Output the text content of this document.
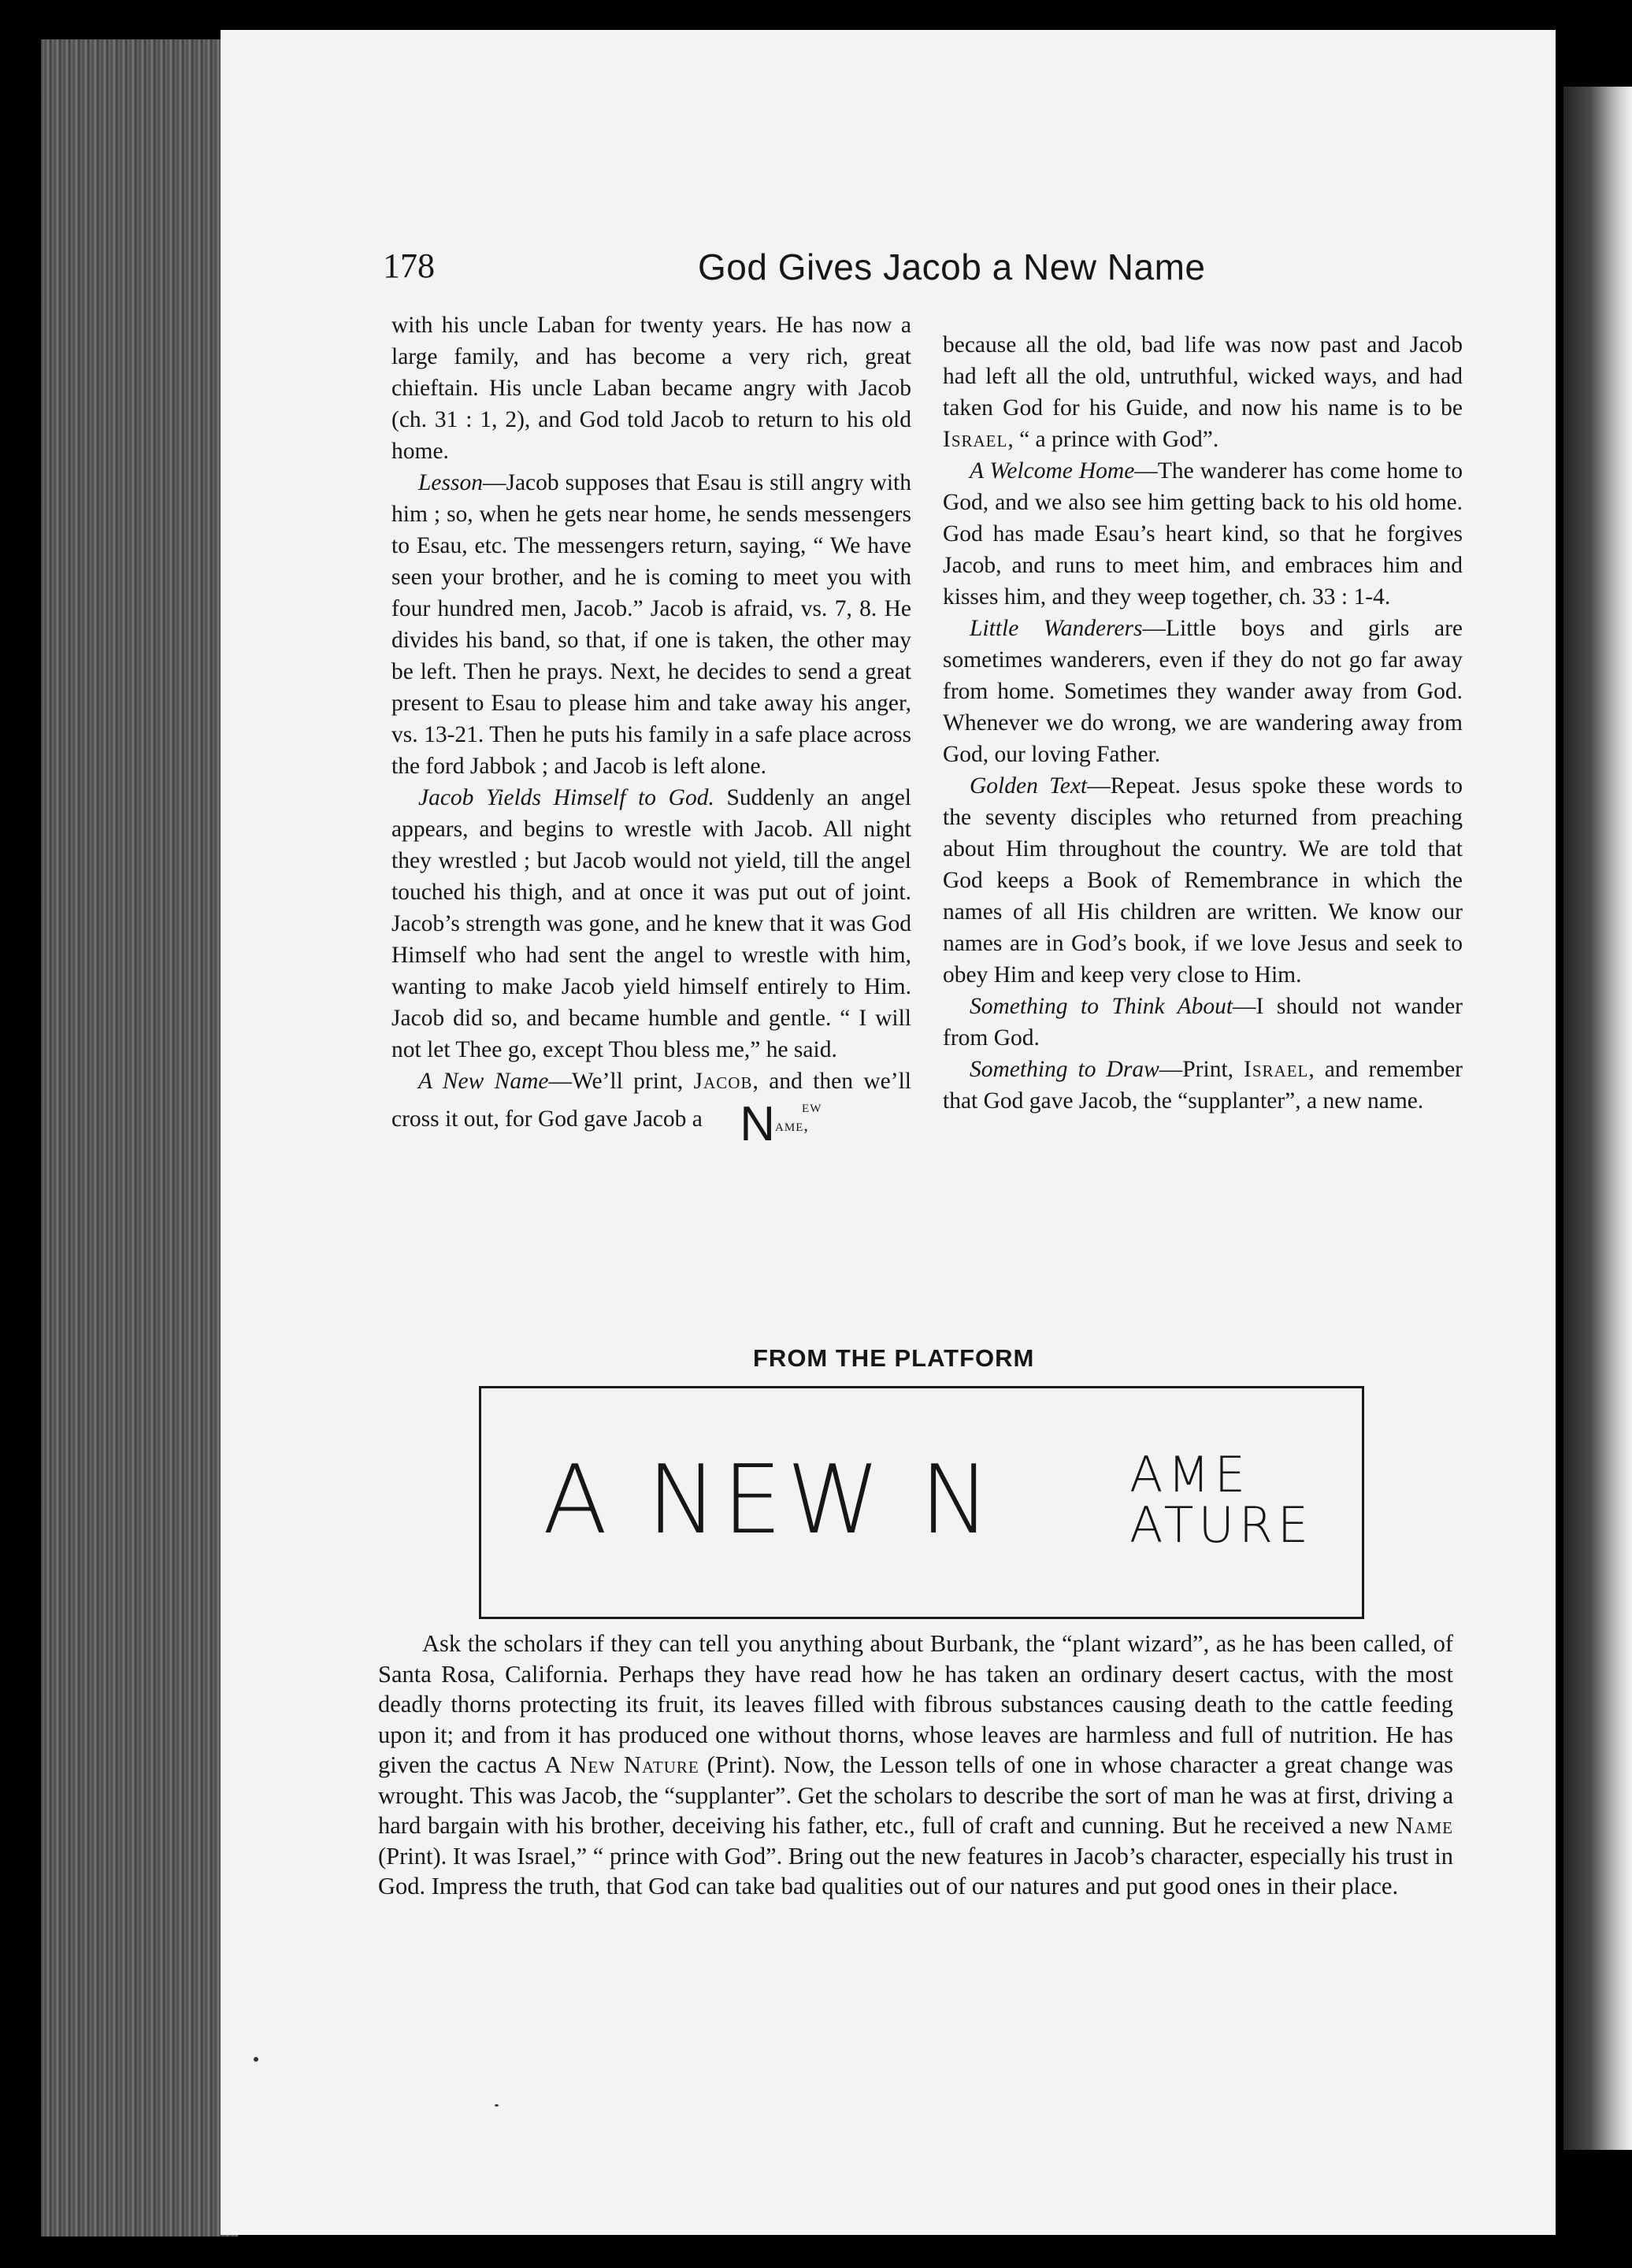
178	God Gives Jacob a New Name

with his uncle Laban for twenty years. He has now a large family, and has become a very rich, great chieftain. His uncle Laban became angry with Jacob (ch. 31 : 1, 2), and God told Jacob to return to his old home.

Lesson—Jacob supposes that Esau is still angry with him ; so, when he gets near home, he sends messengers to Esau, etc. The messengers return, saying, “ We have seen your brother, and he is coming to meet you with four hundred men, Jacob.” Jacob is afraid, vs. 7, 8. He divides his band, so that, if one is taken, the other may be left. Then he prays. Next, he decides to send a great present to Esau to please him and take away his anger, vs. 13-21. Then he puts his family in a safe place across the ford Jabbok ; and Jacob is left alone.

Jacob Yields Himself to God. Suddenly an angel appears, and begins to wrestle with Jacob. All night they wrestled ; but Jacob would not yield, till the angel touched his thigh, and at once it was put out of joint. Jacob’s strength was gone, and he knew that it was God Himself who had sent the angel to wrestle with him, wanting to make Jacob yield himself entirely to Him. Jacob did so, and became humble and gentle. “ I will not let Thee go, except Thou bless me,” he said.

A New Name—We’ll print, Jacob, and then we’ll cross it out, for God gave Jacob a N ew
ame,

because all the old, bad life was now past and Jacob had left all the old, untruthful, wicked ways, and had taken God for his Guide, and now his name is to be Israel, “ a prince with God”.

A Welcome Home—The wanderer has come home to God, and we also see him getting back to his old home. God has made Esau’s heart kind, so that he forgives Jacob, and runs to meet him, and embraces him and kisses him, and they weep together, ch. 33 : 1-4.

Little Wanderers—Little boys and girls are sometimes wanderers, even if they do not go far away from home. Sometimes they wander away from God. Whenever we do wrong, we are wandering away from God, our loving Father.

Golden Text—Repeat. Jesus spoke these words to the seventy disciples who returned from preaching about Him throughout the country. We are told that God keeps a Book of Remembrance in which the names of all His children are written. We know our names are in God’s book, if we love Jesus and seek to obey Him and keep very close to Him.

Something to Think About—I should not wander from God.

Something to Draw—Print, Israel, and remember that God gave Jacob, the “supplanter”, a new name.

FROM THE PLATFORM
A NEW N	AME
ATURE

Ask the scholars if they can tell you anything about Burbank, the “plant wizard”, as he has been called, of Santa Rosa, California. Perhaps they have read how he has taken an ordinary desert cactus, with the most deadly thorns protecting its fruit, its leaves filled with fibrous substances causing death to the cattle feeding upon it; and from it has produced one without thorns, whose leaves are harmless and full of nutrition. He has given the cactus A New Nature (Print). Now, the Lesson tells of one in whose character a great change was wrought. This was Jacob, the “supplanter”. Get the scholars to describe the sort of man he was at first, driving a hard bargain with his brother, deceiving his father, etc., full of craft and cunning. But he received a new Name (Print). It was Israel,” “ prince with God”. Bring out the new features in Jacob’s character, especially his trust in God. Impress the truth, that God can take bad qualities out of our natures and put good ones in their place.
